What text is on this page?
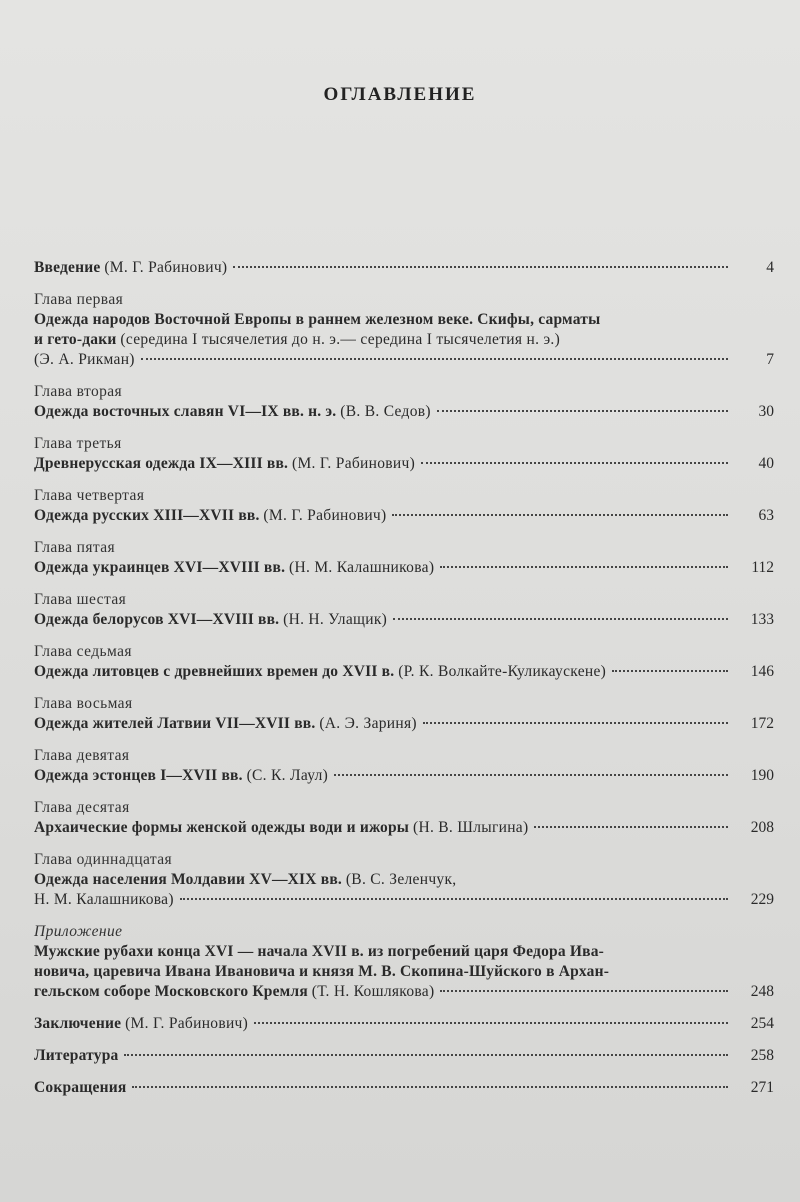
ОГЛАВЛЕНИЕ
Введение (М. Г. Рабинович)	4
Глава первая
Одежда народов Восточной Европы в раннем железном веке. Скифы, сарматы
и гето-даки (середина I тысячелетия до н. э.— середина I тысячелетия н. э.)
(Э. А. Рикман)	7
Глава вторая
Одежда восточных славян VI—IX вв. н. э. (В. В. Седов)	30
Глава третья
Древнерусская одежда IX—XIII вв. (М. Г. Рабинович)	40
Глава четвертая
Одежда русских XIII—XVII вв. (М. Г. Рабинович)	63
Глава пятая
Одежда украинцев XVI—XVIII вв. (Н. М. Калашникова)	112
Глава шестая
Одежда белорусов XVI—XVIII вв. (Н. Н. Улащик)	133
Глава седьмая
Одежда литовцев с древнейших времен до XVII в. (Р. К. Волкайте-Куликаускене)	146
Глава восьмая
Одежда жителей Латвии VII—XVII вв. (А. Э. Зариня)	172
Глава девятая
Одежда эстонцев I—XVII вв. (С. К. Лаул)	190
Глава десятая
Архаические формы женской одежды води и ижоры (Н. В. Шлыгина)	208
Глава одиннадцатая
Одежда населения Молдавии XV—XIX вв. (В. С. Зеленчук,
Н. М. Калашникова)	229
Приложение
Мужские рубахи конца XVI — начала XVII в. из погребений царя Федора Ива-
новича, царевича Ивана Ивановича и князя М. В. Скопина-Шуйского в Архан-
гельском соборе Московского Кремля (Т. Н. Кошлякова)	248
Заключение (М. Г. Рабинович)	254
Литература	258
Сокращения	271
